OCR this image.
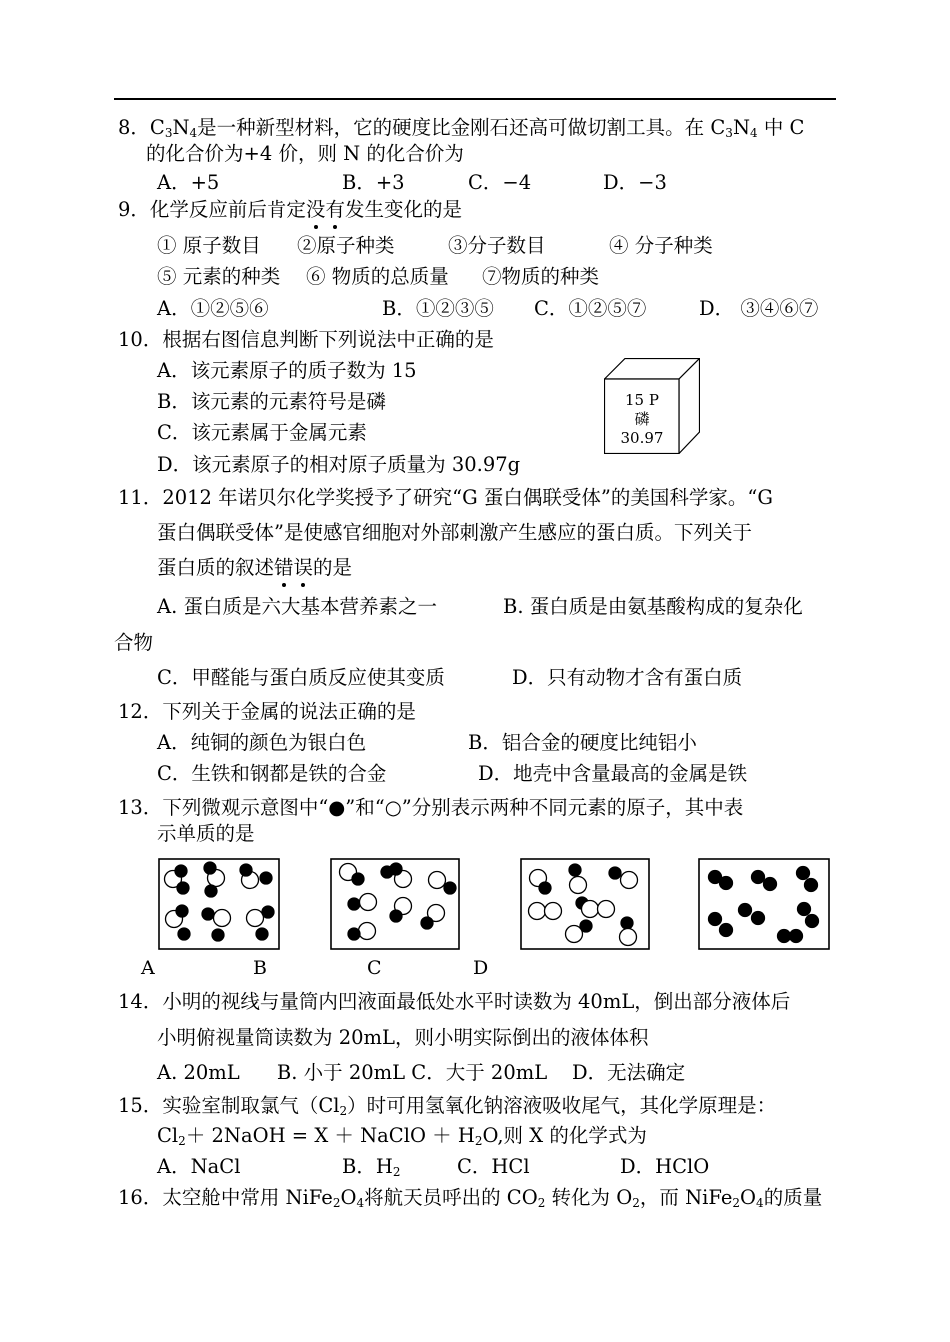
8．$C_3N_4$是一种新型材料，它的硬度比金刚石还高可做切割工具。在 $C_3N_4$ 中 C
的化合价为+4 价，则 N 的化合价为
A．+5	B．+3	C．−4	D．−3
9．化学反应前后肯定没有发生变化的是
① 原子数目 ②原子种类	③分子数目	④ 分子种类
⑤ 元素的种类 ⑥ 物质的总质量 ⑦物质的种类
A．①②⑤⑥	B．①②③⑤ C．①②⑤⑦	D． ③④⑥⑦
10．根据右图信息判断下列说法中正确的是
A．该元素原子的质子数为 15
B．该元素的元素符号是磷
C．该元素属于金属元素
D．该元素原子的相对原子质量为 30.97g
15 P
磷
30.97
11．2012 年诺贝尔化学奖授予了研究“G 蛋白偶联受体”的美国科学家。“G
蛋白偶联受体”是使感官细胞对外部刺激产生感应的蛋白质。下列关于
蛋白质的叙述错误的是
A. 蛋白质是六大基本营养素之一	B. 蛋白质是由氨基酸构成的复杂化
合物
C．甲醛能与蛋白质反应使其变质	D．只有动物才含有蛋白质
12．下列关于金属的说法正确的是
A．纯铜的颜色为银白色	B．铝合金的硬度比纯铝小
C．生铁和钢都是铁的合金	D．地壳中含量最高的金属是铁
13．下列微观示意图中“●”和“○”分别表示两种不同元素的原子，其中表
示单质的是
A	B	C	D
14．小明的视线与量筒内凹液面最低处水平时读数为 40mL，倒出部分液体后
小明俯视量筒读数为 20mL，则小明实际倒出的液体体积
A. 20mL      B. 小于 20mL C．大于 20mL    D．无法确定
15．实验室制取氯气$(Cl_2)$时可用氢氧化钠溶液吸收尾气，其化学原理是：
$Cl_2+$ 2NaOH = X ＋ NaClO ＋ $H_2O$,则 X 的化学式为
A．NaCl	B．$H_2$	C．HCl	D．HClO
16．太空舱中常用 $NiFe_2O_4$将航天员呼出的 $CO_2$ 转化为 $O_2$，而 $NiFe_2O_4$的质量
